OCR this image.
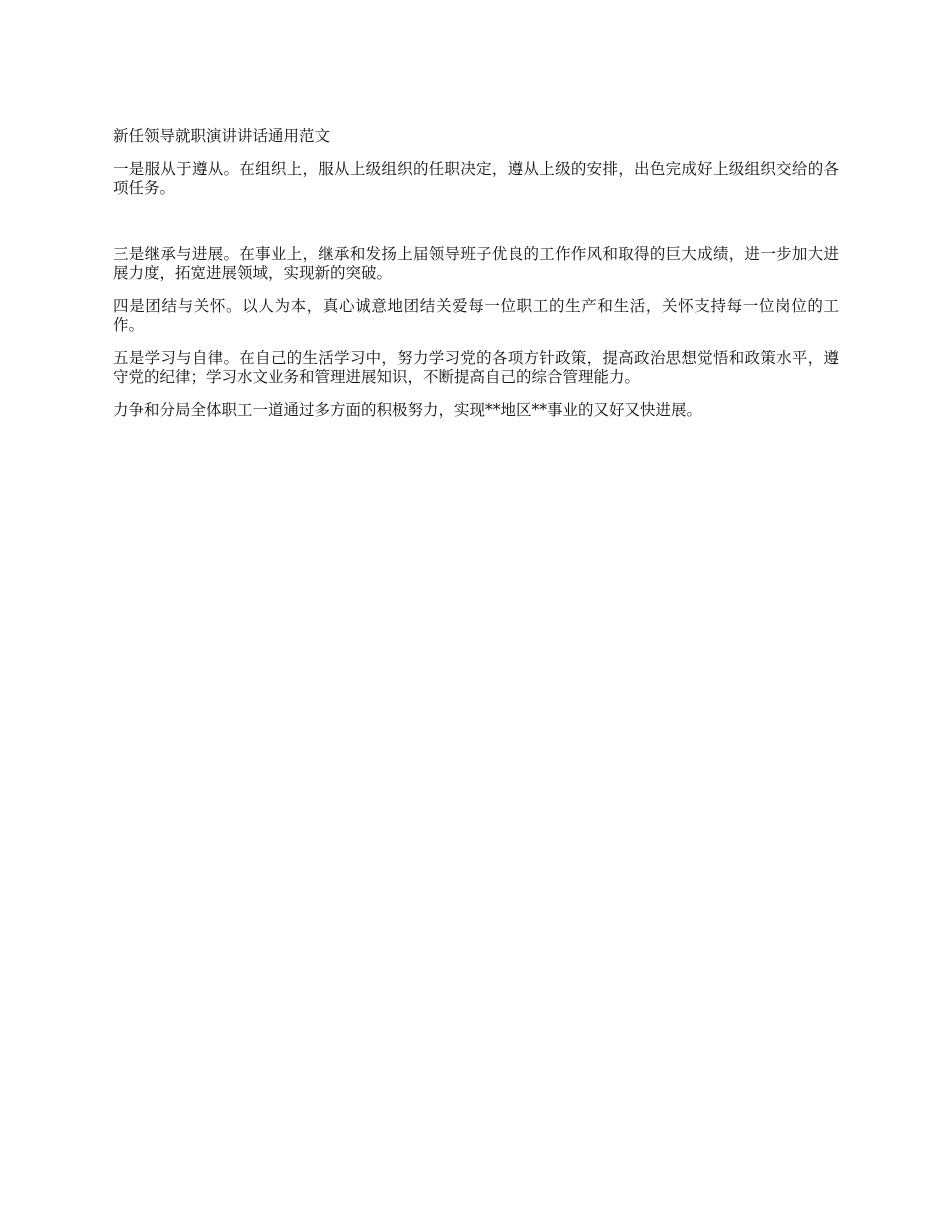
新任领导就职演讲讲话通用范文

一是服从于遵从。在组织上，服从上级组织的任职决定，遵从上级的安排，出色完成好上级组织交给的各项任务。

三是继承与进展。在事业上，继承和发扬上届领导班子优良的工作作风和取得的巨大成绩，进一步加大进展力度，拓宽进展领域，实现新的突破。

四是团结与关怀。以人为本，真心诚意地团结关爱每一位职工的生产和生活，关怀支持每一位岗位的工作。

五是学习与自律。在自己的生活学习中，努力学习党的各项方针政策，提高政治思想觉悟和政策水平，遵守党的纪律；学习水文业务和管理进展知识，不断提高自己的综合管理能力。

力争和分局全体职工一道通过多方面的积极努力，实现**地区**事业的又好又快进展。
